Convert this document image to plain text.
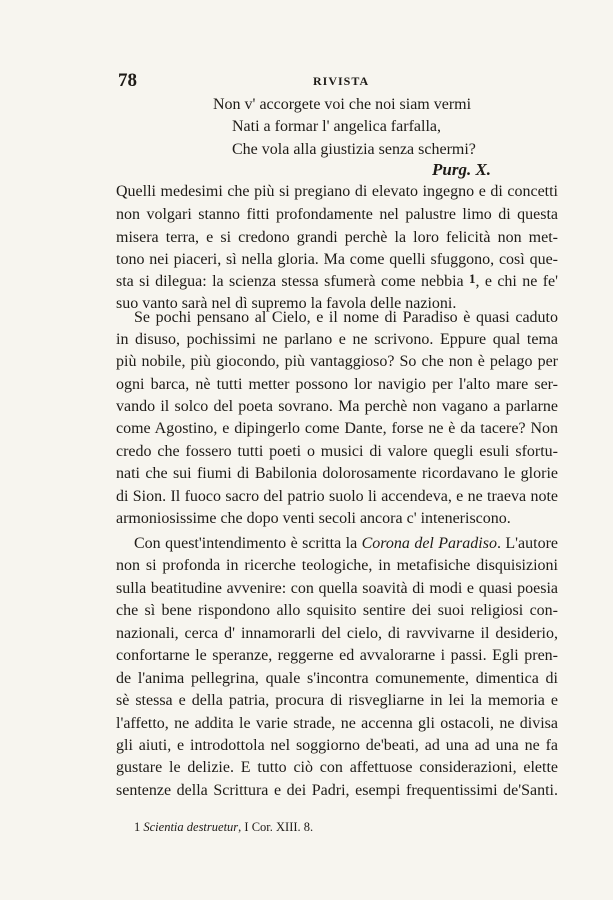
78	RIVISTA
Non v' accorgete voi che noi siam vermi
Nati a formar l' angelica farfalla,
Che vola alla giustizia senza schermi?
Purg. X.
Quelli medesimi che più si pregiano di elevato ingegno e di concetti
non volgari stanno fitti profondamente nel palustre limo di questa
misera terra, e si credono grandi perchè la loro felicità non met-
tono nei piaceri, sì nella gloria. Ma come quelli sfuggono, così que-
sta si dilegua: la scienza stessa sfumerà come nebbia 1, e chi ne fe'
suo vanto sarà nel dì supremo la favola delle nazioni.
Se pochi pensano al Cielo, e il nome di Paradiso è quasi caduto
in disuso, pochissimi ne parlano e ne scrivono. Eppure qual tema
più nobile, più giocondo, più vantaggioso? So che non è pelago per
ogni barca, nè tutti metter possono lor navigio per l'alto mare ser-
vando il solco del poeta sovrano. Ma perchè non vagano a parlarne
come Agostino, e dipingerlo come Dante, forse ne è da tacere? Non
credo che fossero tutti poeti o musici di valore quegli esuli sfortu-
nati che sui fiumi di Babilonia dolorosamente ricordavano le glorie
di Sion. Il fuoco sacro del patrio suolo li accendeva, e ne traeva note
armoniosissime che dopo venti secoli ancora c' inteneriscono.
Con quest'intendimento è scritta la Corona del Paradiso. L'autore
non si profonda in ricerche teologiche, in metafisiche disquisizioni
sulla beatitudine avvenire: con quella soavità di modi e quasi poesia
che sì bene rispondono allo squisito sentire dei suoi religiosi con-
nazionali, cerca d' innamorarli del cielo, di ravvivarne il desiderio,
confortarne le speranze, reggerne ed avvalorarne i passi. Egli pren-
de l'anima pellegrina, quale s'incontra comunemente, dimentica di
sè stessa e della patria, procura di risvegliarne in lei la memoria e
l'affetto, ne addita le varie strade, ne accenna gli ostacoli, ne divisa
gli aiuti, e introdottola nel soggiorno de'beati, ad una ad una ne fa
gustare le delizie. E tutto ciò con affettuose considerazioni, elette
sentenze della Scrittura e dei Padri, esempi frequentissimi de'Santi.
1 Scientia destruetur, I Cor. XIII. 8.
